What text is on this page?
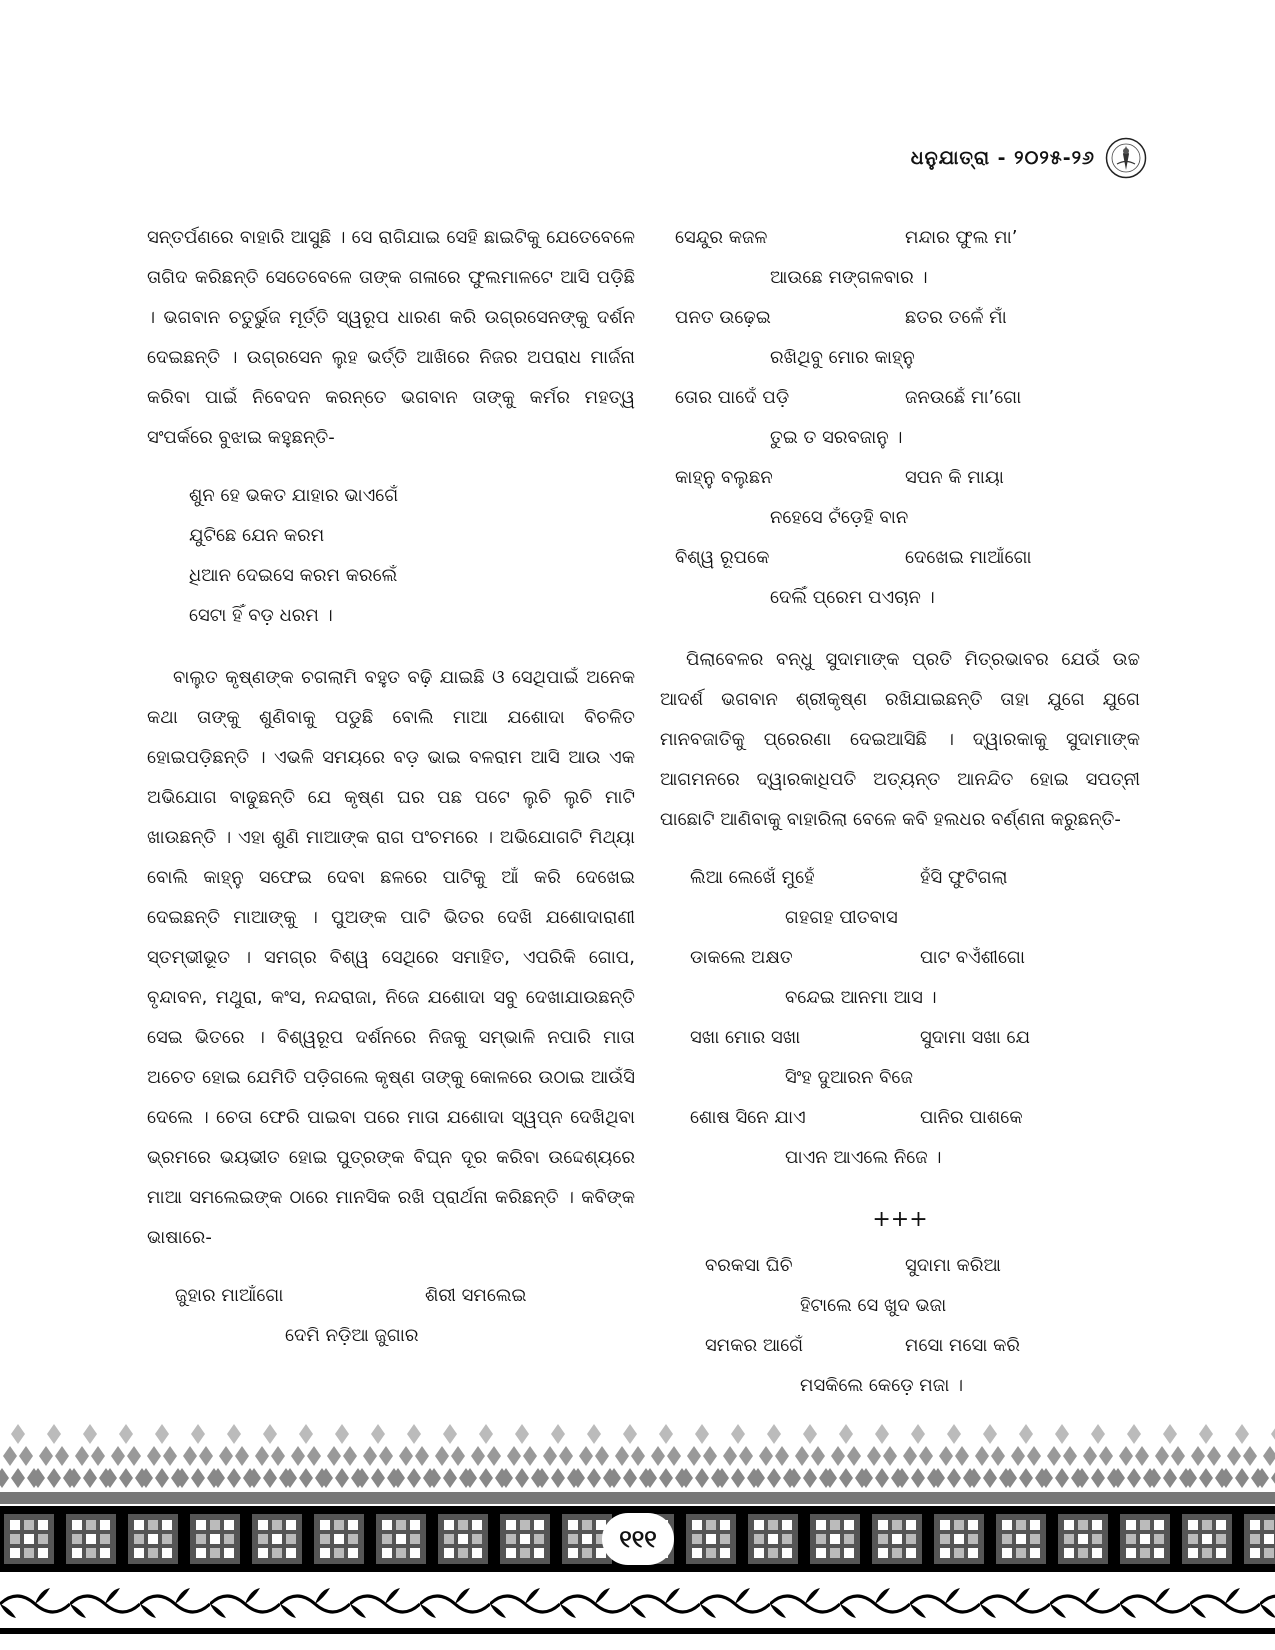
ଧନୁଯାତ୍ରା - ୨୦୨୫-୨୬

ସନ୍ତର୍ପଣରେ ବାହାରି ଆସୁଛି । ସେ ରାଗିଯାଇ ସେହି ଛାଇଟିକୁ ଯେତେବେଳେ ତାଗିଦ କରିଛନ୍ତି ସେତେବେଳେ ତାଙ୍କ ଗଳାରେ ଫୁଲମାଳଟେ ଆସି ପଡ଼ିଛି । ଭଗବାନ ଚତୁର୍ଭୁଜ ମୂର୍ତ୍ତି ସ୍ୱରୂପ ଧାରଣ କରି ଉଗ୍ରସେନଙ୍କୁ ଦର୍ଶନ ଦେଇଛନ୍ତି । ଉଗ୍ରସେନ ଲୁହ ଭର୍ତ୍ତି ଆଖିରେ ନିଜର ଅପରାଧ ମାର୍ଜନା କରିବା ପାଇଁ ନିବେଦନ କରନ୍ତେ ଭଗବାନ ତାଙ୍କୁ କର୍ମର ମହତ୍ୱ ସଂପର୍କରେ ବୁଝାଇ କହୁଛନ୍ତି-

ଶୁନ ହେ ଭକତ ଯାହାର ଭାଏଗେଁ
ଯୁଟିଛେ ଯେନ କରମ
ଧିଆନ ଦେଇସେ କରମ କରଲେଁ
ସେଟା ହିଁ ବଡ଼ ଧରମ ।

ବାଲୁତ କୃଷ୍ଣଙ୍କ ଚଗଲାମି ବହୁତ ବଢ଼ି ଯାଇଛି ଓ ସେଥିପାଇଁ ଅନେକ କଥା ତାଙ୍କୁ ଶୁଣିବାକୁ ପଡୁଛି ବୋଲି ମାଆ ଯଶୋଦା ବିଚଳିତ ହୋଇପଡ଼ିଛନ୍ତି । ଏଭଳି ସମୟରେ ବଡ଼ ଭାଇ ବଳରାମ ଆସି ଆଉ ଏକ ଅଭିଯୋଗ ବାଢୁଛନ୍ତି ଯେ କୃଷ୍ଣ ଘର ପଛ ପଟେ ଲୁଚି ଲୁଚି ମାଟି ଖାଉଛନ୍ତି । ଏହା ଶୁଣି ମାଆଙ୍କ ରାଗ ପଂଚମରେ । ଅଭିଯୋଗଟି ମିଥ୍ୟା ବୋଲି କାହ୍ନୁ ସଫେଇ ଦେବା ଛଳରେ ପାଟିକୁ ଆଁ କରି ଦେଖେଇ ଦେଇଛନ୍ତି ମାଆଙ୍କୁ । ପୁଅଙ୍କ ପାଟି ଭିତର ଦେଖି ଯଶୋଦାରାଣୀ ସ୍ତମ୍ଭୀଭୂତ । ସମଗ୍ର ବିଶ୍ୱ ସେଥିରେ ସମାହିତ, ଏପରିକି ଗୋପ, ବୃନ୍ଦାବନ, ମଥୁରା, କଂସ, ନନ୍ଦରାଜା, ନିଜେ ଯଶୋଦା ସବୁ ଦେଖାଯାଉଛନ୍ତି ସେଇ ଭିତରେ । ବିଶ୍ୱରୂପ ଦର୍ଶନରେ ନିଜକୁ ସମ୍ଭାଳି ନପାରି ମାତା ଅଚେତ ହୋଇ ଯେମିତି ପଡ଼ିଗଲେ କୃଷ୍ଣ ତାଙ୍କୁ କୋଳରେ ଉଠାଇ ଆଉଁସି ଦେଲେ । ଚେତା ଫେରି ପାଇବା ପରେ ମାତା ଯଶୋଦା ସ୍ୱପ୍ନ ଦେଖିଥିବା ଭ୍ରମରେ ଭୟଭୀତ ହୋଇ ପୁତ୍ରଙ୍କ ବିଘ୍ନ ଦୂର କରିବା ଉଦ୍ଦେଶ୍ୟରେ ମାଆ ସମଲେଇଙ୍କ ଠାରେ ମାନସିକ ରଖି ପ୍ରାର୍ଥନା କରିଛନ୍ତି । କବିଙ୍କ ଭାଷାରେ-

ଜୁହାର ମାଆଁଗୋ	ଶିରୀ ସମଲେଇ
ଦେମି ନଡ଼ିଆ ଜୁଗାର
ସେନ୍ଦୁର କଜଳ	ମନ୍ଦାର ଫୁଲ ମା’
ଆଉଛେ ମଙ୍ଗଳବାର ।
ପନତ ଉଢ଼େଇ	ଛତର ତଳେଁ ମାଁ
ରଖିଥିବୁ ମୋର କାହ୍ନୁ
ତୋର ପାଦେଁ ପଡ଼ି	ଜନଉଛେଁ ମା’ଗୋ
ତୁଇ ତ ସରବଜାନୁ ।
କାହ୍ନୁ ବଲୁଛନ	ସପନ କି ମାୟା
ନହେସେ ଟଁଡ଼େହି ବାନ
ବିଶ୍ୱ ରୂପକେ	ଦେଖେଇ ମାଆଁଗୋ
ଦେଲିଁ ପ୍ରେମ ପଏଚାନ ।

ପିଲାବେଳର ବନ୍ଧୁ ସୁଦାମାଙ୍କ ପ୍ରତି ମିତ୍ରଭାବର ଯେଉଁ ଉଚ୍ଚ ଆଦର୍ଶ ଭଗବାନ ଶ୍ରୀକୃଷ୍ଣ ରଖିଯାଇଛନ୍ତି ତାହା ଯୁଗେ ଯୁଗେ ମାନବଜାତିକୁ ପ୍ରେରଣା ଦେଇଆସିଛି । ଦ୍ୱାରକାକୁ ସୁଦାମାଙ୍କ ଆଗମନରେ ଦ୍ୱାରକାଧିପତି ଅତ୍ୟନ୍ତ ଆନନ୍ଦିତ ହୋଇ ସପତ୍ନୀ ପାଛୋଟି ଆଣିବାକୁ ବାହାରିଲା ବେଳେ କବି ହଲଧର ବର୍ଣ୍ଣନା କରୁଛନ୍ତି-

ଲିଆ ଲେଖେଁ ମୁହେଁ	ହଁସି ଫୁଟିଗଲା
ଗହଗହ ପୀତବାସ
ଡାକଲେ ଅକ୍ଷତ	ପାଟ ବଏଁଶୀଗୋ
ବନ୍ଦେଇ ଆନମା ଆସ ।
ସଖା ମୋର ସଖା	ସୁଦାମା ସଖା ଯେ
ସିଂହ ଦୁଆରନ ବିଜେ
ଶୋଷ ସିନେ ଯାଏ	ପାନିର ପାଶକେ
ପାଏନ ଆଏଲେ ନିଜେ ।
+++
ବରକସା ଘିଚି	ସୁଦାମା କରିଆ
ହିଟାଲେ ସେ ଖୁଦ ଭଜା
ସମକର ଆଗେଁ	ମସୋ ମସୋ କରି
ମସକିଲେ କେଡ଼େ ମଜା ।
୧୧୧
